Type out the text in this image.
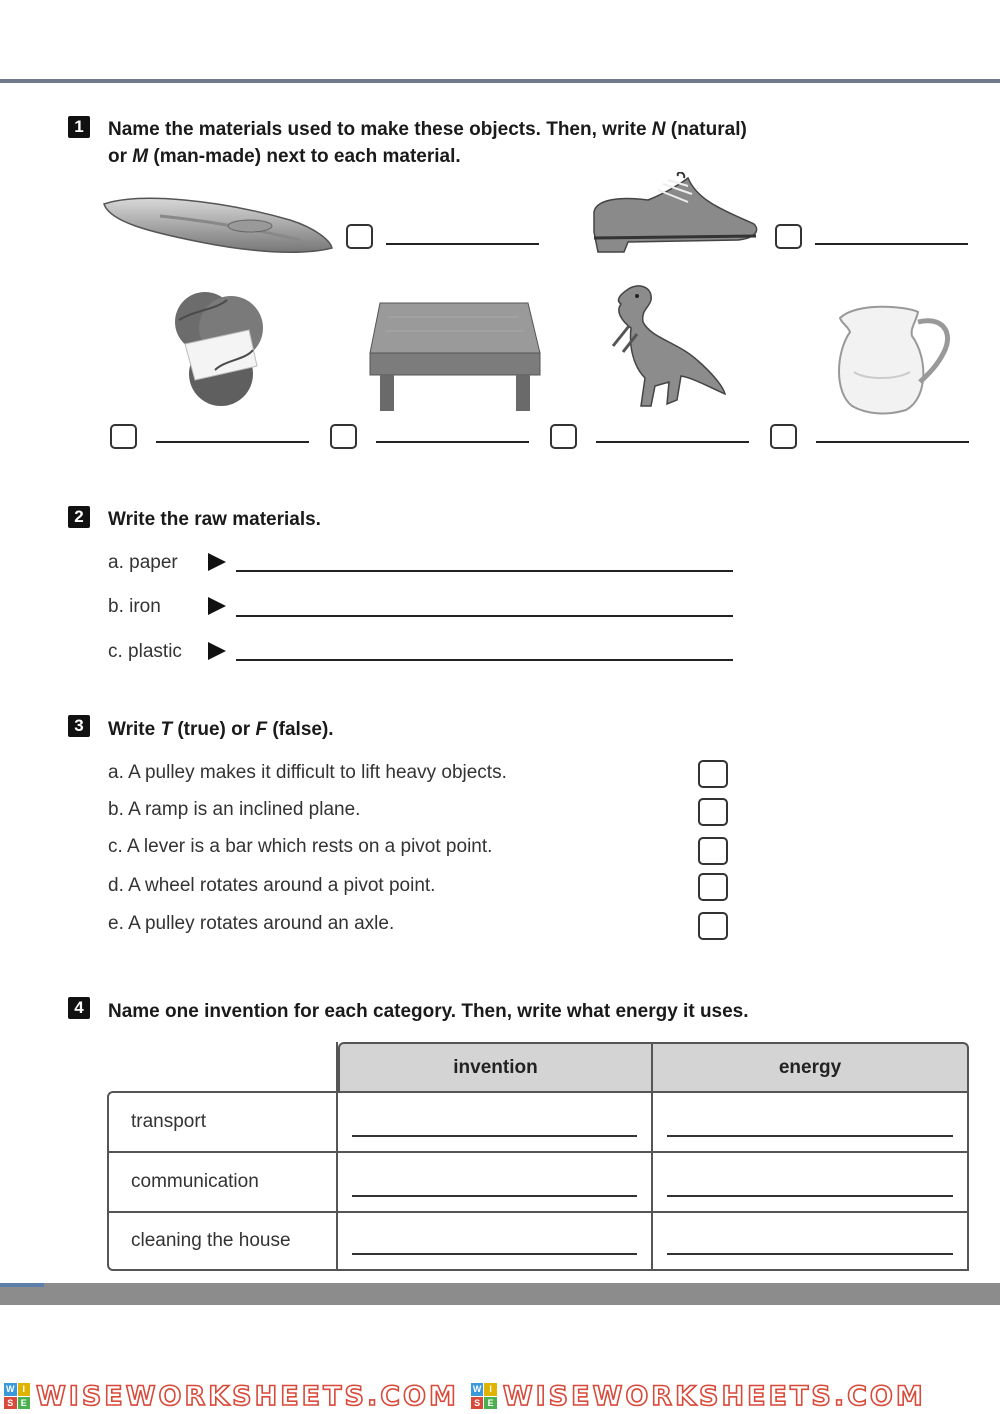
1	Name the materials used to make these objects. Then, write N (natural)
or M (man-made) next to each material.
2	Write the raw materials.
a. paper
b. iron
c. plastic
3	Write T (true) or F (false).
a. A pulley makes it difficult to lift heavy objects.
b. A ramp is an inclined plane.
c. A lever is a bar which rests on a pivot point.
d. A wheel rotates around a pivot point.
e. A pulley rotates around an axle.
4	Name one invention for each category. Then, write what energy it uses.
	invention	energy
transport	

communication	

cleaning the house	

W I
S E WISEWORKSHEETS.COM W I
S E WISEWORKSHEETS.COM
